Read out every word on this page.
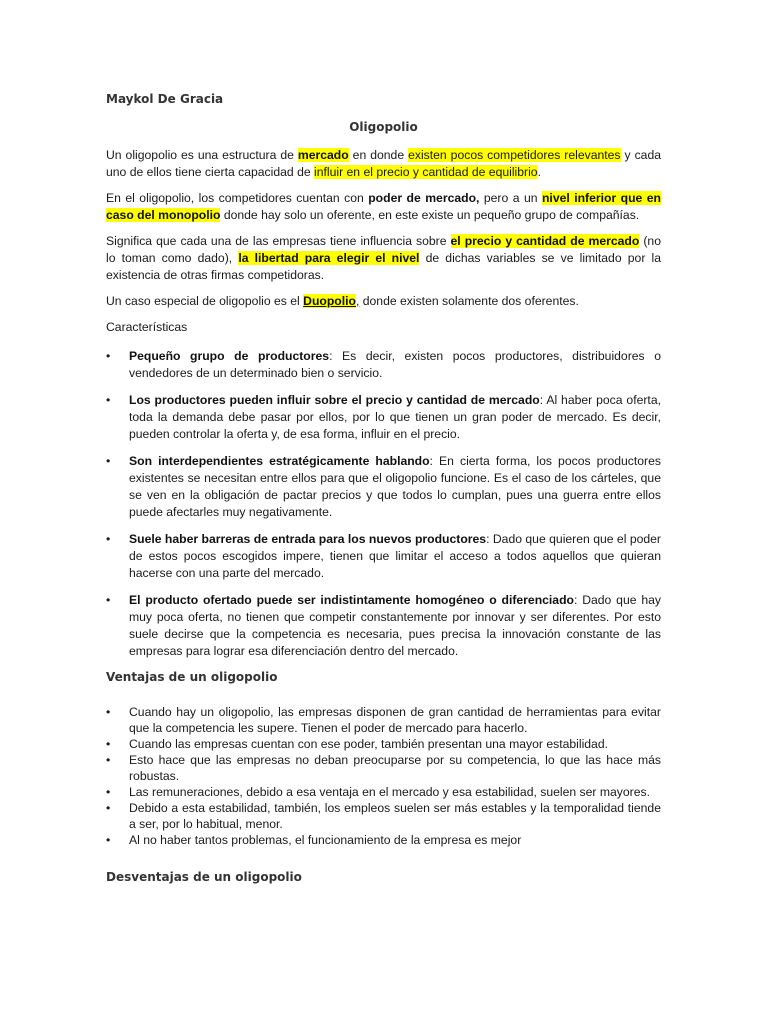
Maykol De Gracia
Oligopolio

Un oligopolio es una estructura de mercado en donde existen pocos competidores relevantes y cada uno de ellos tiene cierta capacidad de influir en el precio y cantidad de equilibrio.

En el oligopolio, los competidores cuentan con poder de mercado, pero a un nivel inferior que en caso del monopolio donde hay solo un oferente, en este existe un pequeño grupo de compañías.

Significa que cada una de las empresas tiene influencia sobre el precio y cantidad de mercado (no lo toman como dado), la libertad para elegir el nivel de dichas variables se ve limitado por la existencia de otras firmas competidoras.

Un caso especial de oligopolio es el Duopolio, donde existen solamente dos oferentes.

Características
• Pequeño grupo de productores: Es decir, existen pocos productores, distribuidores o vendedores de un determinado bien o servicio.
• Los productores pueden influir sobre el precio y cantidad de mercado: Al haber poca oferta, toda la demanda debe pasar por ellos, por lo que tienen un gran poder de mercado. Es decir, pueden controlar la oferta y, de esa forma, influir en el precio.
• Son interdependientes estratégicamente hablando: En cierta forma, los pocos productores existentes se necesitan entre ellos para que el oligopolio funcione. Es el caso de los cárteles, que se ven en la obligación de pactar precios y que todos lo cumplan, pues una guerra entre ellos puede afectarles muy negativamente.
• Suele haber barreras de entrada para los nuevos productores: Dado que quieren que el poder de estos pocos escogidos impere, tienen que limitar el acceso a todos aquellos que quieran hacerse con una parte del mercado.
• El producto ofertado puede ser indistintamente homogéneo o diferenciado: Dado que hay muy poca oferta, no tienen que competir constantemente por innovar y ser diferentes. Por esto suele decirse que la competencia es necesaria, pues precisa la innovación constante de las empresas para lograr esa diferenciación dentro del mercado.
Ventajas de un oligopolio
• Cuando hay un oligopolio, las empresas disponen de gran cantidad de herramientas para evitar que la competencia les supere. Tienen el poder de mercado para hacerlo.
• Cuando las empresas cuentan con ese poder, también presentan una mayor estabilidad.
• Esto hace que las empresas no deban preocuparse por su competencia, lo que las hace más robustas.
• Las remuneraciones, debido a esa ventaja en el mercado y esa estabilidad, suelen ser mayores.
• Debido a esta estabilidad, también, los empleos suelen ser más estables y la temporalidad tiende a ser, por lo habitual, menor.
• Al no haber tantos problemas, el funcionamiento de la empresa es mejor
Desventajas de un oligopolio
